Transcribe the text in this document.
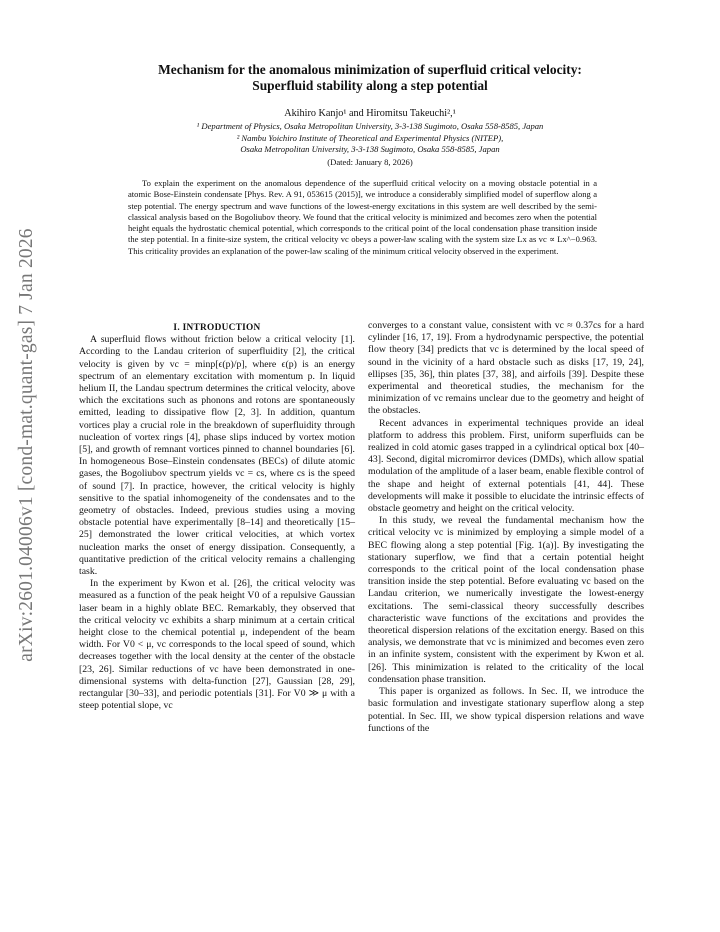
arXiv:2601.04006v1 [cond-mat.quant-gas] 7 Jan 2026
Mechanism for the anomalous minimization of superfluid critical velocity:
Superfluid stability along a step potential
Akihiro Kanjo¹ and Hiromitsu Takeuchi²,¹
¹ Department of Physics, Osaka Metropolitan University, 3-3-138 Sugimoto, Osaka 558-8585, Japan
² Nambu Yoichiro Institute of Theoretical and Experimental Physics (NITEP),
Osaka Metropolitan University, 3-3-138 Sugimoto, Osaka 558-8585, Japan
(Dated: January 8, 2026)
To explain the experiment on the anomalous dependence of the superfluid critical velocity on a moving obstacle potential in a atomic Bose-Einstein condensate [Phys. Rev. A 91, 053615 (2015)], we introduce a considerably simplified model of superflow along a step potential. The energy spectrum and wave functions of the lowest-energy excitations in this system are well described by the semi-classical analysis based on the Bogoliubov theory. We found that the critical velocity is minimized and becomes zero when the potential height equals the hydrostatic chemical potential, which corresponds to the critical point of the local condensation phase transition inside the step potential. In a finite-size system, the critical velocity vc obeys a power-law scaling with the system size Lx as vc ∝ Lx^−0.963. This criticality provides an explanation of the power-law scaling of the minimum critical velocity observed in the experiment.

I. INTRODUCTION

A superfluid flows without friction below a critical velocity [1]. According to the Landau criterion of superfluidity [2], the critical velocity is given by vc = minp[ϵ(p)/p], where ϵ(p) is an energy spectrum of an elementary excitation with momentum p. In liquid helium II, the Landau spectrum determines the critical velocity, above which the excitations such as phonons and rotons are spontaneously emitted, leading to dissipative flow [2, 3]. In addition, quantum vortices play a crucial role in the breakdown of superfluidity through nucleation of vortex rings [4], phase slips induced by vortex motion [5], and growth of remnant vortices pinned to channel boundaries [6]. In homogeneous Bose–Einstein condensates (BECs) of dilute atomic gases, the Bogoliubov spectrum yields vc = cs, where cs is the speed of sound [7]. In practice, however, the critical velocity is highly sensitive to the spatial inhomogeneity of the condensates and to the geometry of obstacles. Indeed, previous studies using a moving obstacle potential have experimentally [8–14] and theoretically [15–25] demonstrated the lower critical velocities, at which vortex nucleation marks the onset of energy dissipation. Consequently, a quantitative prediction of the critical velocity remains a challenging task.

In the experiment by Kwon et al. [26], the critical velocity was measured as a function of the peak height V0 of a repulsive Gaussian laser beam in a highly oblate BEC. Remarkably, they observed that the critical velocity vc exhibits a sharp minimum at a certain critical height close to the chemical potential μ, independent of the beam width. For V0 < μ, vc corresponds to the local speed of sound, which decreases together with the local density at the center of the obstacle [23, 26]. Similar reductions of vc have been demonstrated in one-dimensional systems with delta-function [27], Gaussian [28, 29], rectangular [30–33], and periodic potentials [31]. For V0 ≫ μ with a steep potential slope, vc

converges to a constant value, consistent with vc ≈ 0.37cs for a hard cylinder [16, 17, 19]. From a hydrodynamic perspective, the potential flow theory [34] predicts that vc is determined by the local speed of sound in the vicinity of a hard obstacle such as disks [17, 19, 24], ellipses [35, 36], thin plates [37, 38], and airfoils [39]. Despite these experimental and theoretical studies, the mechanism for the minimization of vc remains unclear due to the geometry and height of the obstacles.

Recent advances in experimental techniques provide an ideal platform to address this problem. First, uniform superfluids can be realized in cold atomic gases trapped in a cylindrical optical box [40–43]. Second, digital micromirror devices (DMDs), which allow spatial modulation of the amplitude of a laser beam, enable flexible control of the shape and height of external potentials [41, 44]. These developments will make it possible to elucidate the intrinsic effects of obstacle geometry and height on the critical velocity.

In this study, we reveal the fundamental mechanism how the critical velocity vc is minimized by employing a simple model of a BEC flowing along a step potential [Fig. 1(a)]. By investigating the stationary superflow, we find that a certain potential height corresponds to the critical point of the local condensation phase transition inside the step potential. Before evaluating vc based on the Landau criterion, we numerically investigate the lowest-energy excitations. The semi-classical theory successfully describes characteristic wave functions of the excitations and provides the theoretical dispersion relations of the excitation energy. Based on this analysis, we demonstrate that vc is minimized and becomes even zero in an infinite system, consistent with the experiment by Kwon et al. [26]. This minimization is related to the criticality of the local condensation phase transition.

This paper is organized as follows. In Sec. II, we introduce the basic formulation and investigate stationary superflow along a step potential. In Sec. III, we show typical dispersion relations and wave functions of the
